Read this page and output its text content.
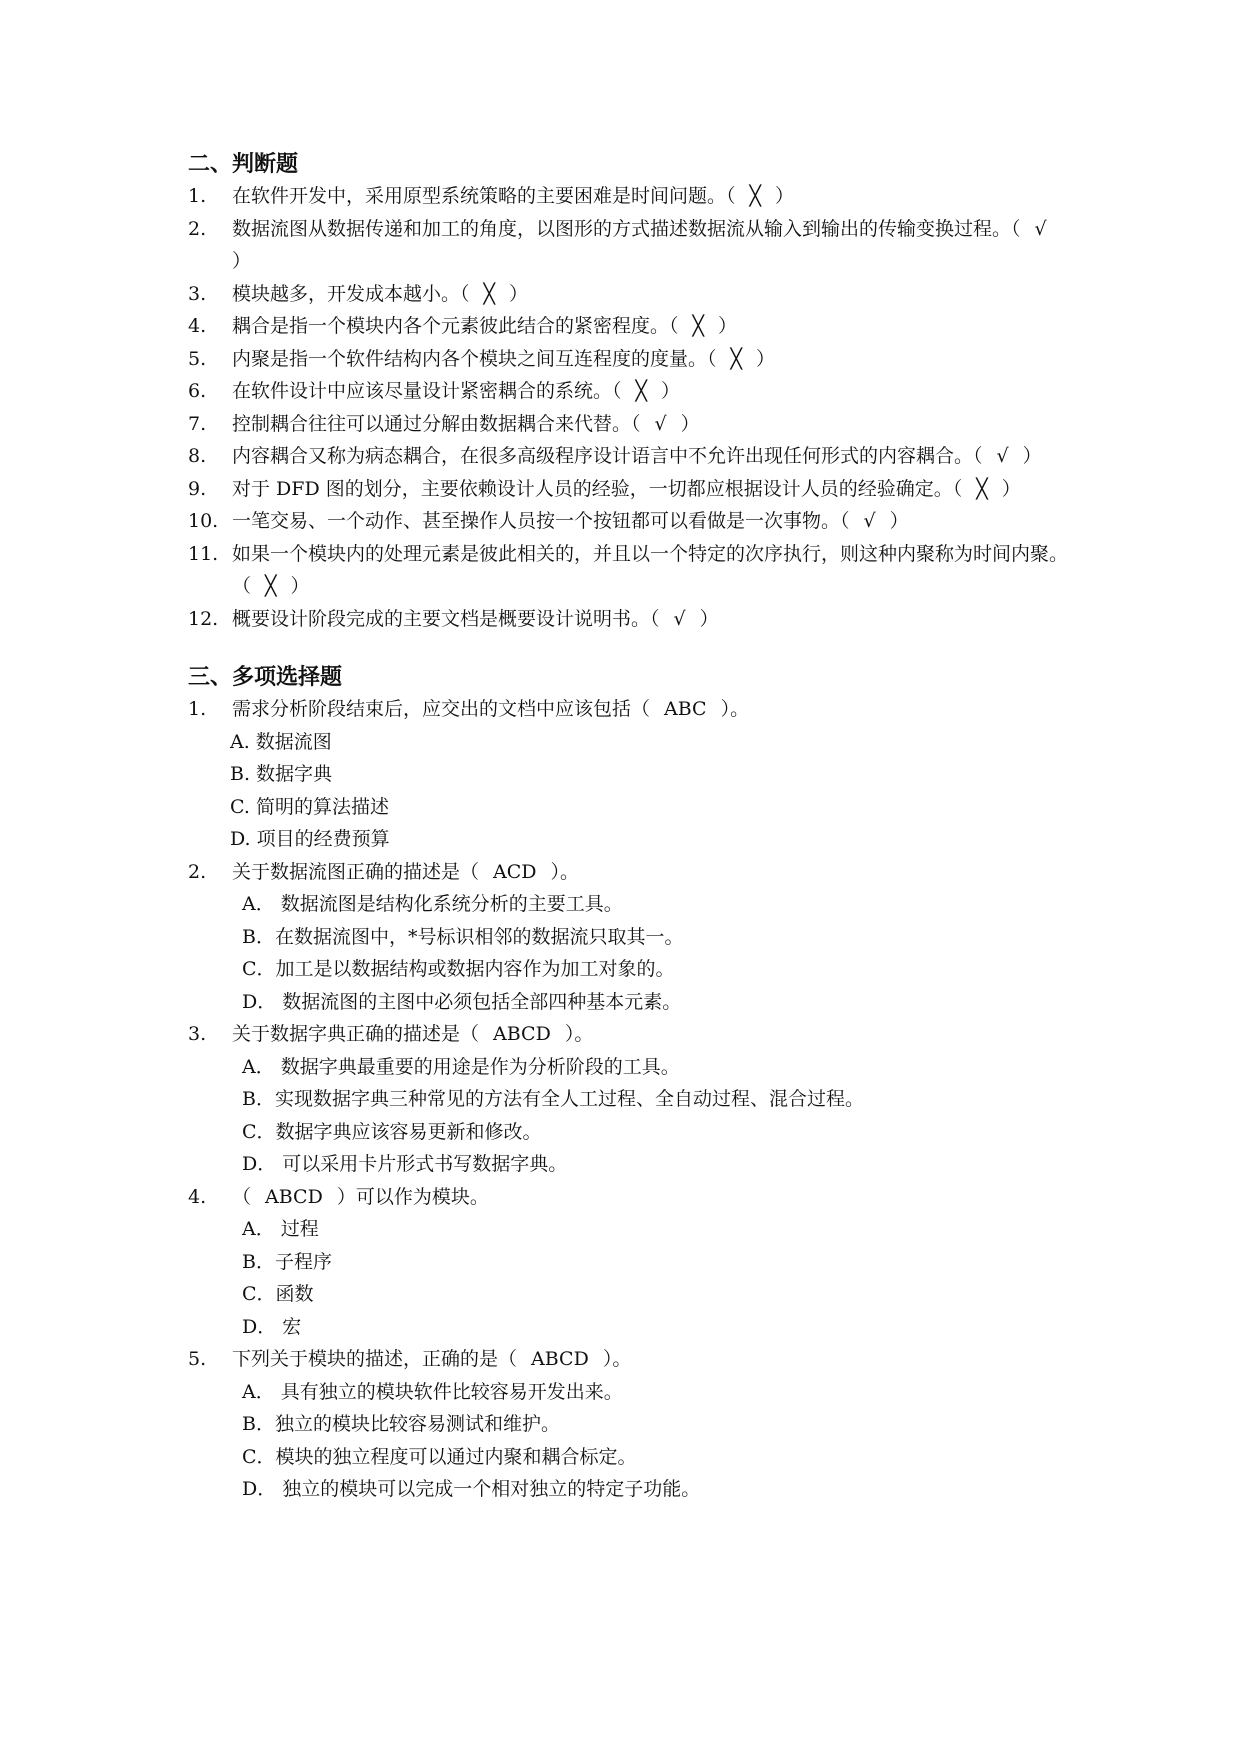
二、判断题
1.	在软件开发中，采用原型系统策略的主要困难是时间问题。（ ╳ ）
2.	数据流图从数据传递和加工的角度，以图形的方式描述数据流从输入到输出的传输变换过程。（ √）
3.	模块越多，开发成本越小。（ ╳ ）
4.	耦合是指一个模块内各个元素彼此结合的紧密程度。（ ╳ ）
5.	内聚是指一个软件结构内各个模块之间互连程度的度量。（ ╳ ）
6.	在软件设计中应该尽量设计紧密耦合的系统。（ ╳ ）
7.	控制耦合往往可以通过分解由数据耦合来代替。（ √ ）
8.	内容耦合又称为病态耦合，在很多高级程序设计语言中不允许出现任何形式的内容耦合。（ √ ）
9.	对于 DFD 图的划分，主要依赖设计人员的经验，一切都应根据设计人员的经验确定。（ ╳ ）
10. 一笔交易、一个动作、甚至操作人员按一个按钮都可以看做是一次事物。（ √ ）
11. 如果一个模块内的处理元素是彼此相关的，并且以一个特定的次序执行，则这种内聚称为时间内聚。（ ╳ ）
12. 概要设计阶段完成的主要文档是概要设计说明书。（ √ ）
三、多项选择题
1.	需求分析阶段结束后，应交出的文档中应该包括（ ABC ）。
A. 数据流图
B. 数据字典
C. 简明的算法描述
D. 项目的经费预算
2.	关于数据流图正确的描述是（ ACD ）。
A． 数据流图是结构化系统分析的主要工具。
B．在数据流图中，*号标识相邻的数据流只取其一。
C．加工是以数据结构或数据内容作为加工对象的。
D． 数据流图的主图中必须包括全部四种基本元素。
3.	关于数据字典正确的描述是（ ABCD ）。
A． 数据字典最重要的用途是作为分析阶段的工具。
B．实现数据字典三种常见的方法有全人工过程、全自动过程、混合过程。
C．数据字典应该容易更新和修改。
D． 可以采用卡片形式书写数据字典。
4.	（ ABCD ）可以作为模块。
A． 过程
B．子程序
C．函数
D． 宏
5.	下列关于模块的描述，正确的是（ ABCD ）。
A． 具有独立的模块软件比较容易开发出来。
B．独立的模块比较容易测试和维护。
C．模块的独立程度可以通过内聚和耦合标定。
D． 独立的模块可以完成一个相对独立的特定子功能。
